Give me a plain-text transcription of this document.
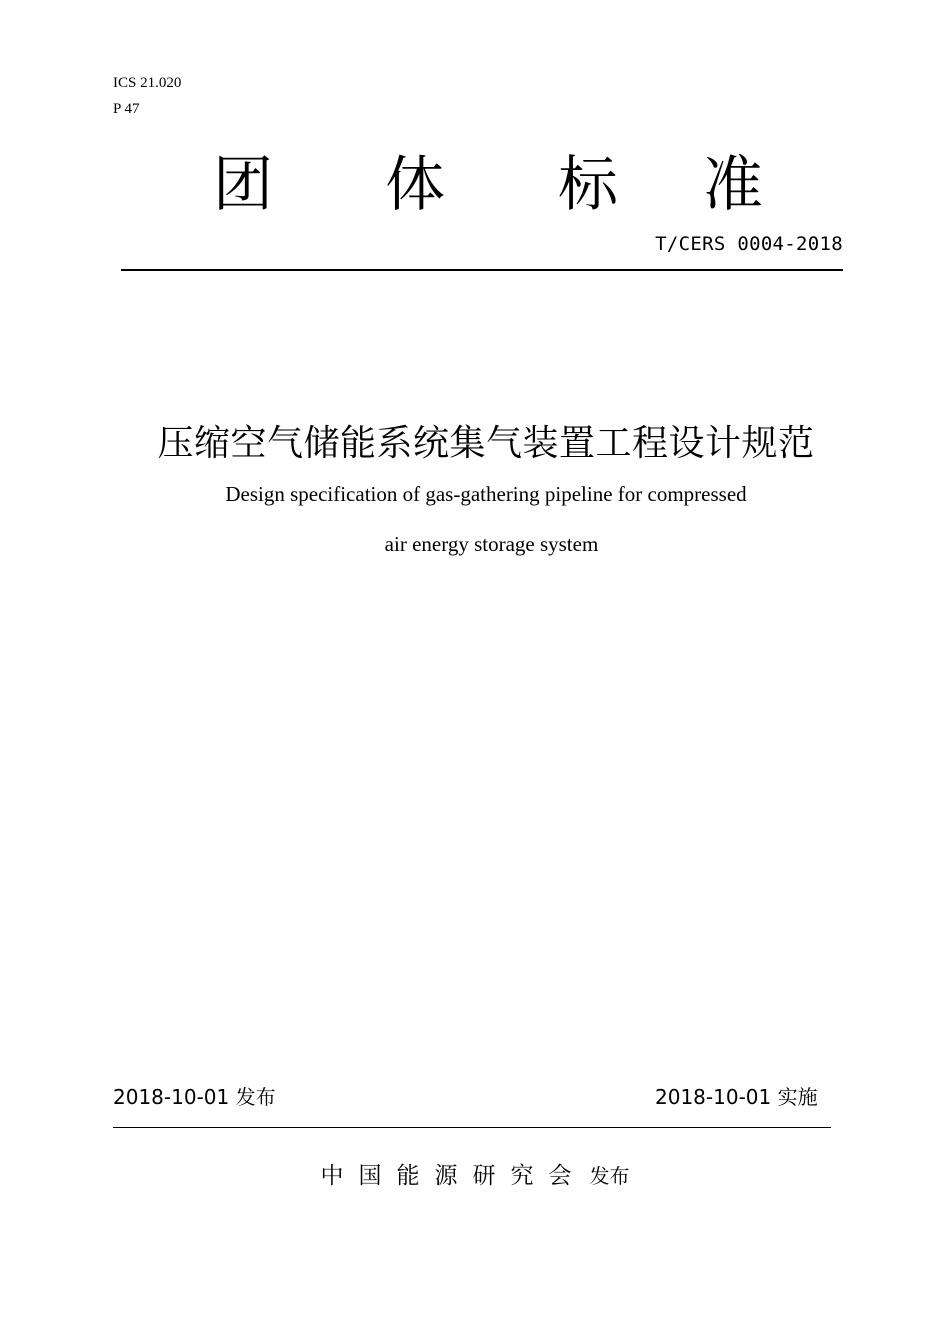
ICS 21.020
P 47
团 体 标 准
T/CERS 0004-2018
压缩空气储能系统集气装置工程设计规范
Design specification of gas-gathering pipeline for compressed
air energy storage system
2018-10-01 发布	2018-10-01 实施
中国能源研究会 发布
